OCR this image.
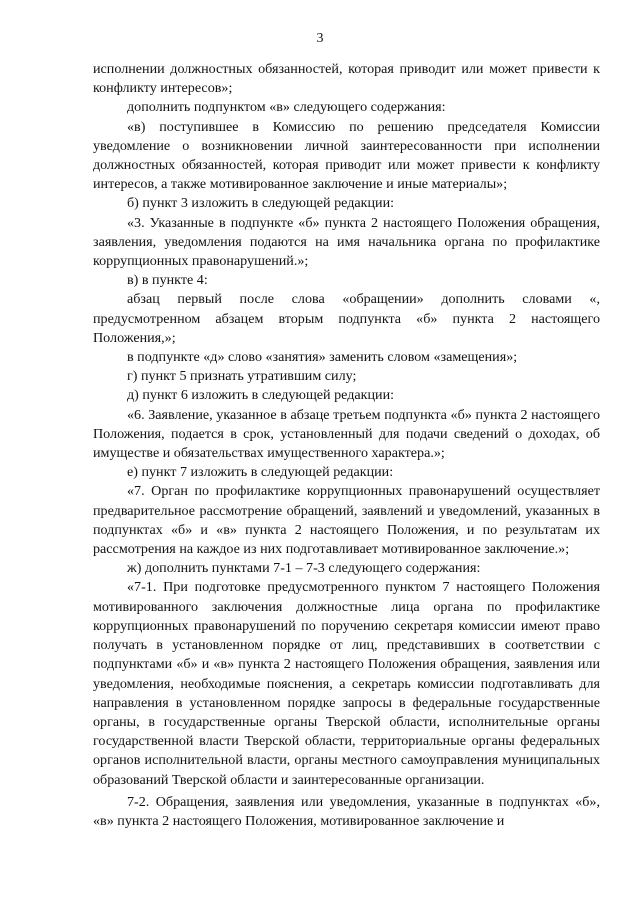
3

исполнении должностных обязанностей, которая приводит или может привести к конфликту интересов»;

дополнить подпунктом «в» следующего содержания:

«в) поступившее в Комиссию по решению председателя Комиссии уведомление о возникновении личной заинтересованности при исполнении должностных обязанностей, которая приводит или может привести к конфликту интересов, а также мотивированное заключение и иные материалы»;

б) пункт 3 изложить в следующей редакции:

«3. Указанные в подпункте «б» пункта 2 настоящего Положения обращения, заявления, уведомления подаются на имя начальника органа по профилактике коррупционных правонарушений.»;

в) в пункте 4:

абзац первый после слова «обращении» дополнить словами «, предусмотренном абзацем вторым подпункта «б» пункта 2 настоящего Положения,»;

в подпункте «д» слово «занятия» заменить словом «замещения»;

г) пункт 5 признать утратившим силу;

д) пункт 6 изложить в следующей редакции:

«6. Заявление, указанное в абзаце третьем подпункта «б» пункта 2 настоящего Положения, подается в срок, установленный для подачи сведений о доходах, об имуществе и обязательствах имущественного характера.»;

е) пункт 7 изложить в следующей редакции:

«7. Орган по профилактике коррупционных правонарушений осуществляет предварительное рассмотрение обращений, заявлений и уведомлений, указанных в подпунктах «б» и «в» пункта 2 настоящего Положения, и по результатам их рассмотрения на каждое из них подготавливает мотивированное заключение.»;

ж) дополнить пунктами 7-1 – 7-3 следующего содержания:

«7-1. При подготовке предусмотренного пунктом 7 настоящего Положения мотивированного заключения должностные лица органа по профилактике коррупционных правонарушений по поручению секретаря комиссии имеют право получать в установленном порядке от лиц, представивших в соответствии с подпунктами «б» и «в» пункта 2 настоящего Положения обращения, заявления или уведомления, необходимые пояснения, а секретарь комиссии подготавливать для направления в установленном порядке запросы в федеральные государственные органы, в государственные органы Тверской области, исполнительные органы государственной власти Тверской области, территориальные органы федеральных органов исполнительной власти, органы местного самоуправления муниципальных образований Тверской области и заинтересованные организации.

7-2. Обращения, заявления или уведомления, указанные в подпунктах «б», «в» пункта 2 настоящего Положения, мотивированное заключение и
